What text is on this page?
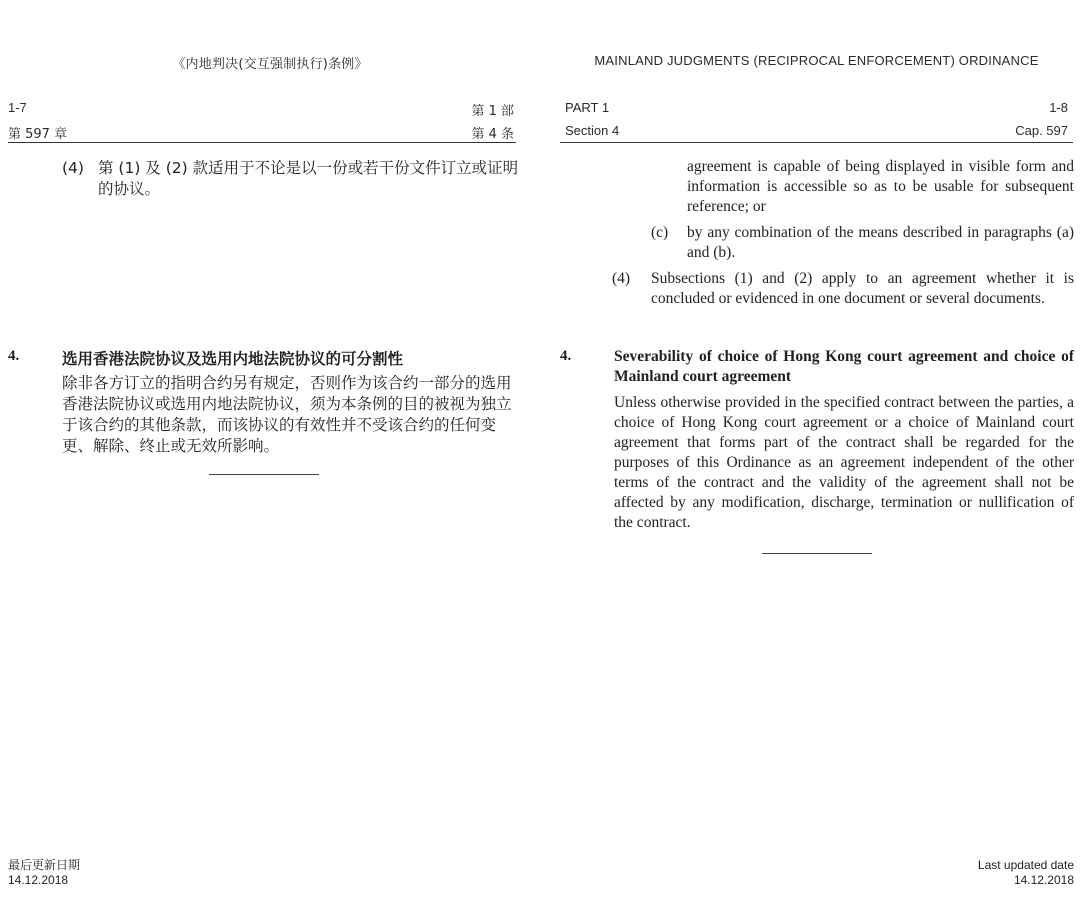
《内地判决(交互强制执行)条例》
1-7	第 1 部
第 597 章	第 4 条
(4) 第 (1) 及 (2) 款适用于不论是以一份或若干份文件订立或证明的协议。
4.	选用香港法院协议及选用内地法院协议的可分割性
除非各方订立的指明合约另有规定，否则作为该合约一部分的选用香港法院协议或选用内地法院协议，须为本条例的目的被视为独立于该合约的其他条款，而该协议的有效性并不受该合约的任何变更、解除、终止或无效所影响。
最后更新日期
14.12.2018
MAINLAND JUDGMENTS (RECIPROCAL ENFORCEMENT) ORDINANCE
PART 1	1-8
Section 4	Cap. 597
agreement is capable of being displayed in visible form and information is accessible so as to be usable for subsequent reference; or
(c) by any combination of the means described in paragraphs (a) and (b).
(4) Subsections (1) and (2) apply to an agreement whether it is concluded or evidenced in one document or several documents.
4.	Severability of choice of Hong Kong court agreement and choice of Mainland court agreement
Unless otherwise provided in the specified contract between the parties, a choice of Hong Kong court agreement or a choice of Mainland court agreement that forms part of the contract shall be regarded for the purposes of this Ordinance as an agreement independent of the other terms of the contract and the validity of the agreement shall not be affected by any modification, discharge, termination or nullification of the contract.
Last updated date
14.12.2018
